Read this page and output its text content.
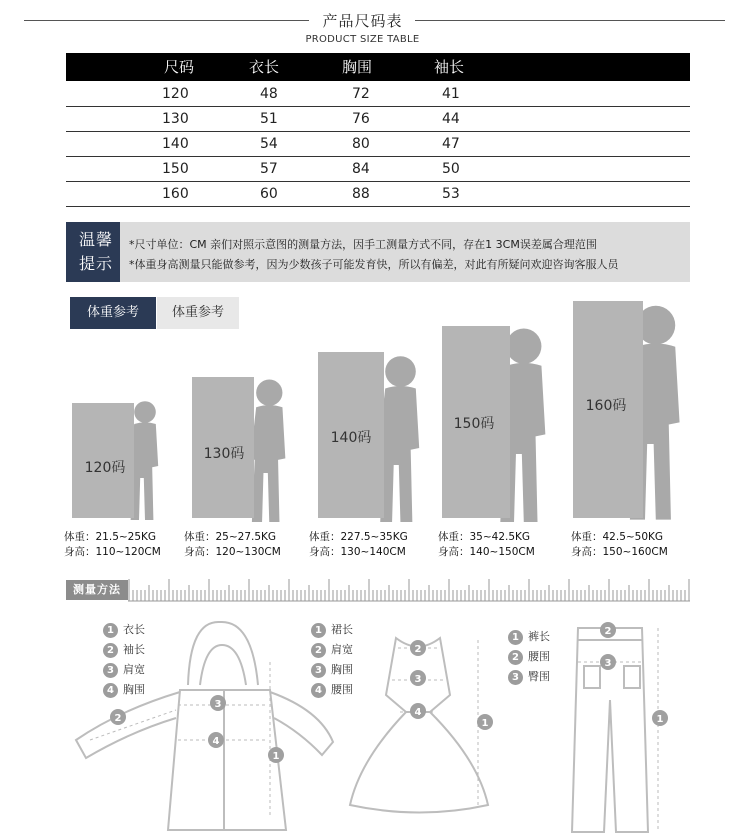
产品尺码表
PRODUCT SIZE TABLE
尺码	衣长	胸围	袖长
120	48	72	41
130	51	76	44
140	54	80	47
150	57	84	50
160	60	88	53
温馨
提示
*尺寸单位：CM 亲们对照示意图的测量方法，因手工测量方式不同，存在1 3CM误差属合理范围
*体重身高测量只能做参考，因为少数孩子可能发育快，所以有偏差，对此有所疑问欢迎咨询客服人员
体重参考	体重参考
120码
130码
140码
150码
160码
体重：21.5~25KG
身高：110~120CM
体重：25~27.5KG
身高：120~130CM
体重：227.5~35KG
身高：130~140CM
体重：35~42.5KG
身高：140~150CM
体重：42.5~50KG
身高：150~160CM
测量方法
1 衣长
2 袖长
3 肩宽
4 胸围
1 裙长
2 肩宽
3 胸围
4 腰围
1 裤长
2 腰围
3 臀围
1
2
3
4
1
2
3
4
1
2
3
